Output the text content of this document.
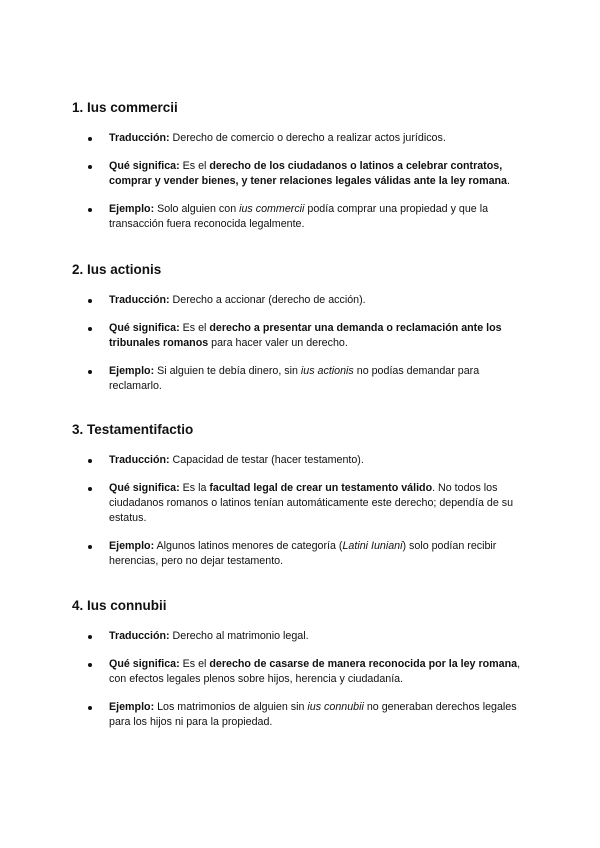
1. Ius commercii
Traducción: Derecho de comercio o derecho a realizar actos jurídicos.
Qué significa: Es el derecho de los ciudadanos o latinos a celebrar contratos, comprar y vender bienes, y tener relaciones legales válidas ante la ley romana.
Ejemplo: Solo alguien con ius commercii podía comprar una propiedad y que la transacción fuera reconocida legalmente.
2. Ius actionis
Traducción: Derecho a accionar (derecho de acción).
Qué significa: Es el derecho a presentar una demanda o reclamación ante los tribunales romanos para hacer valer un derecho.
Ejemplo: Si alguien te debía dinero, sin ius actionis no podías demandar para reclamarlo.
3. Testamentifactio
Traducción: Capacidad de testar (hacer testamento).
Qué significa: Es la facultad legal de crear un testamento válido. No todos los ciudadanos romanos o latinos tenían automáticamente este derecho; dependía de su estatus.
Ejemplo: Algunos latinos menores de categoría (Latini Iuniani) solo podían recibir herencias, pero no dejar testamento.
4. Ius connubii
Traducción: Derecho al matrimonio legal.
Qué significa: Es el derecho de casarse de manera reconocida por la ley romana, con efectos legales plenos sobre hijos, herencia y ciudadanía.
Ejemplo: Los matrimonios de alguien sin ius connubii no generaban derechos legales para los hijos ni para la propiedad.
